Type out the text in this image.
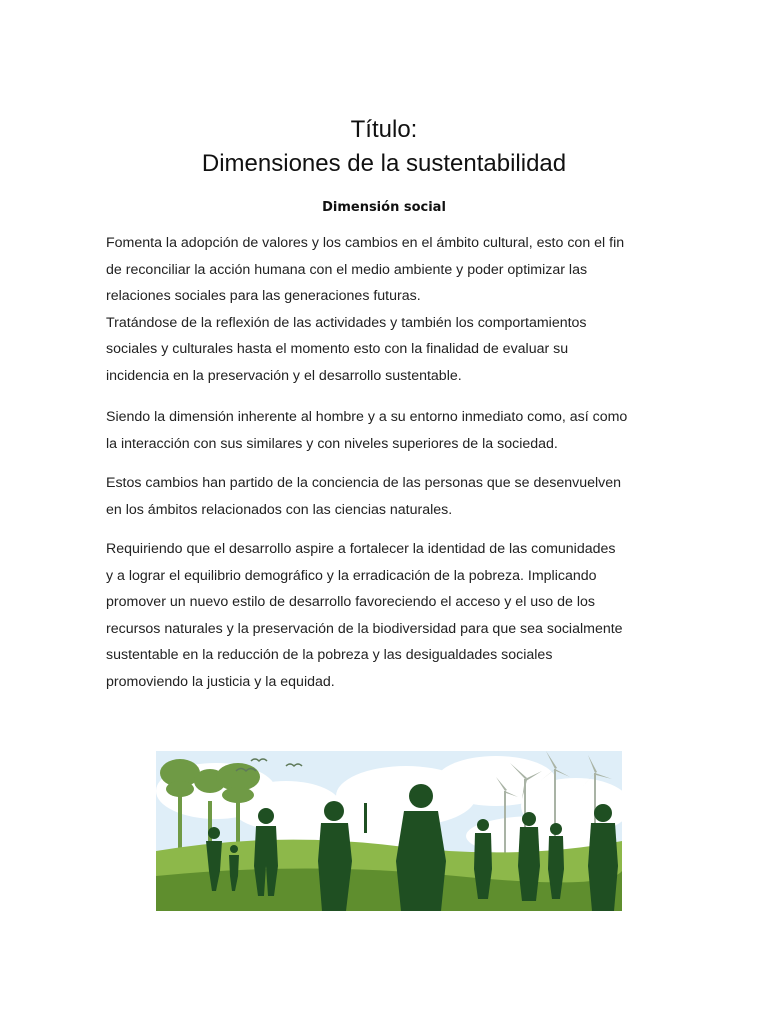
Título:
Dimensiones de la sustentabilidad
Dimensión social
Fomenta la adopción de valores y los cambios en el ámbito cultural, esto con el fin
de reconciliar la acción humana con el medio ambiente y poder optimizar las
relaciones sociales para las generaciones futuras.
Tratándose de la reflexión de las actividades y también los comportamientos
sociales y culturales hasta el momento esto con la finalidad de evaluar su
incidencia en la preservación y el desarrollo sustentable.
Siendo la dimensión inherente al hombre y a su entorno inmediato como, así como
la interacción con sus similares y con niveles superiores de la sociedad.
Estos cambios han partido de la conciencia de las personas que se desenvuelven
en los ámbitos relacionados con las ciencias naturales.
Requiriendo que el desarrollo aspire a fortalecer la identidad de las comunidades
y a lograr el equilibrio demográfico y la erradicación de la pobreza. Implicando
promover un nuevo estilo de desarrollo favoreciendo el acceso y el uso de los
recursos naturales y la preservación de la biodiversidad para que sea socialmente
sustentable en la reducción de la pobreza y las desigualdades sociales
promoviendo la justicia y la equidad.
